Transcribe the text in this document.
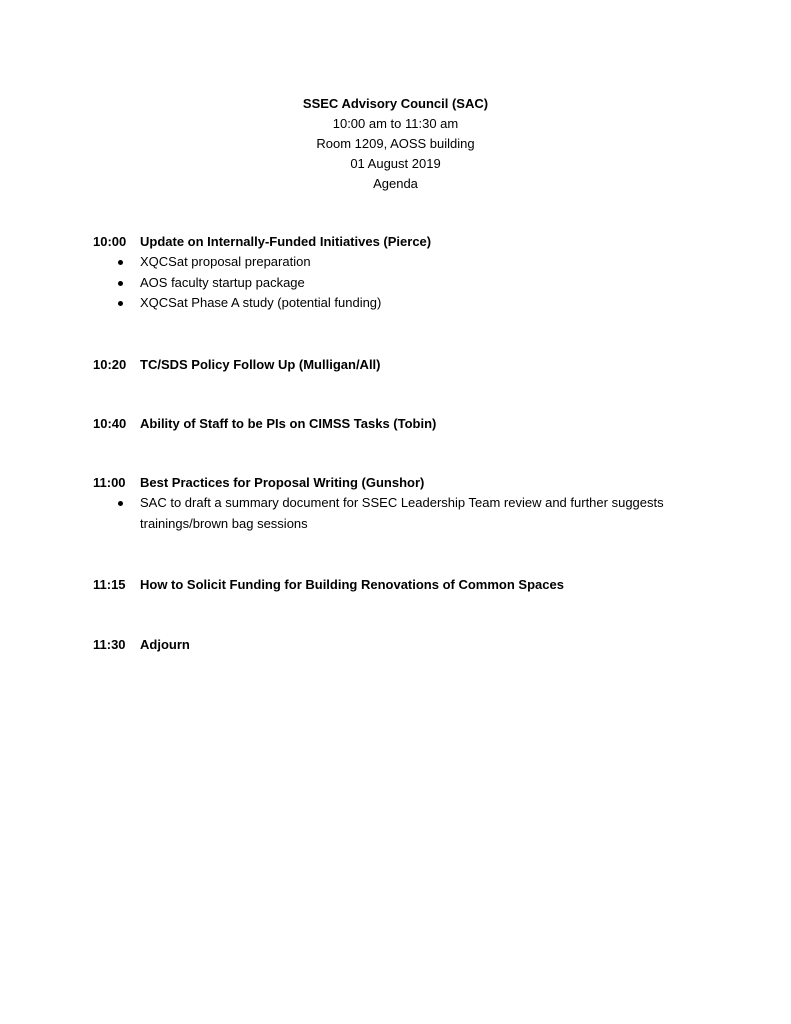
SSEC Advisory Council (SAC)
10:00 am to 11:30 am
Room 1209, AOSS building
01 August 2019
Agenda
10:00	Update on Internally-Funded Initiatives (Pierce)
XQCSat proposal preparation
AOS faculty startup package
XQCSat Phase A study (potential funding)
10:20	TC/SDS Policy Follow Up (Mulligan/All)
10:40	Ability of Staff to be PIs on CIMSS Tasks (Tobin)
11:00	Best Practices for Proposal Writing (Gunshor)
SAC to draft a summary document for SSEC Leadership Team review and further suggests trainings/brown bag sessions
11:15	How to Solicit Funding for Building Renovations of Common Spaces
11:30	Adjourn
